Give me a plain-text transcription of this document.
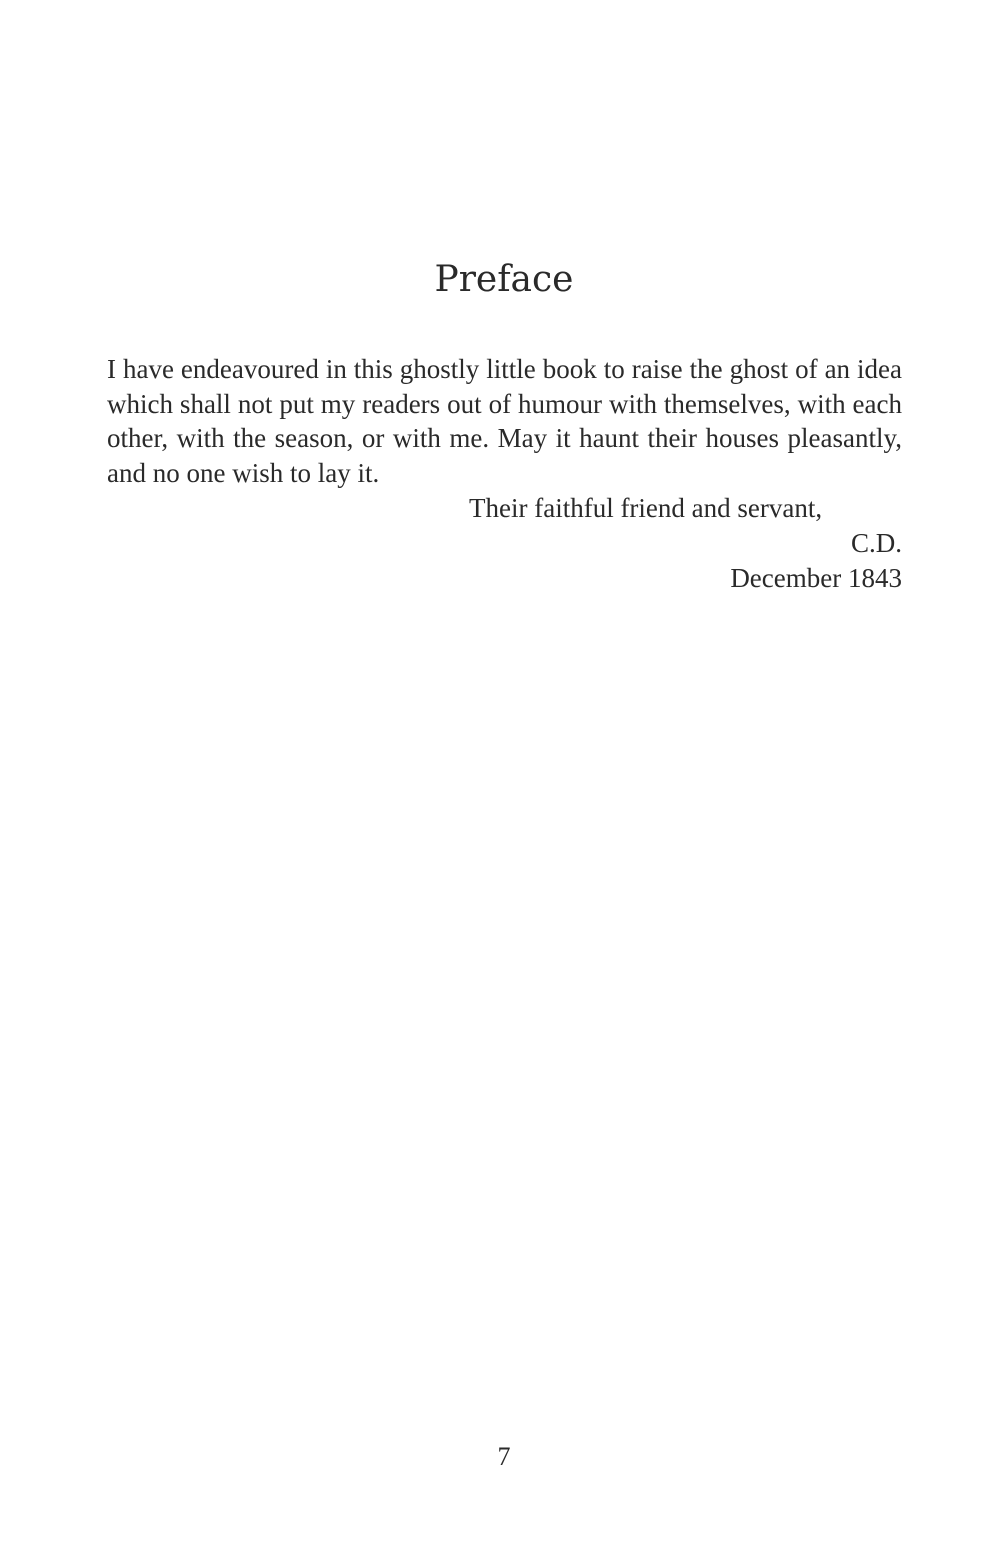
Preface

I have endeavoured in this ghostly little book to raise the ghost of an idea which shall not put my readers out of humour with themselves, with each other, with the season, or with me. May it haunt their houses pleasantly, and no one wish to lay it.

Their faithful friend and servant,
C.D.
December 1843
7
